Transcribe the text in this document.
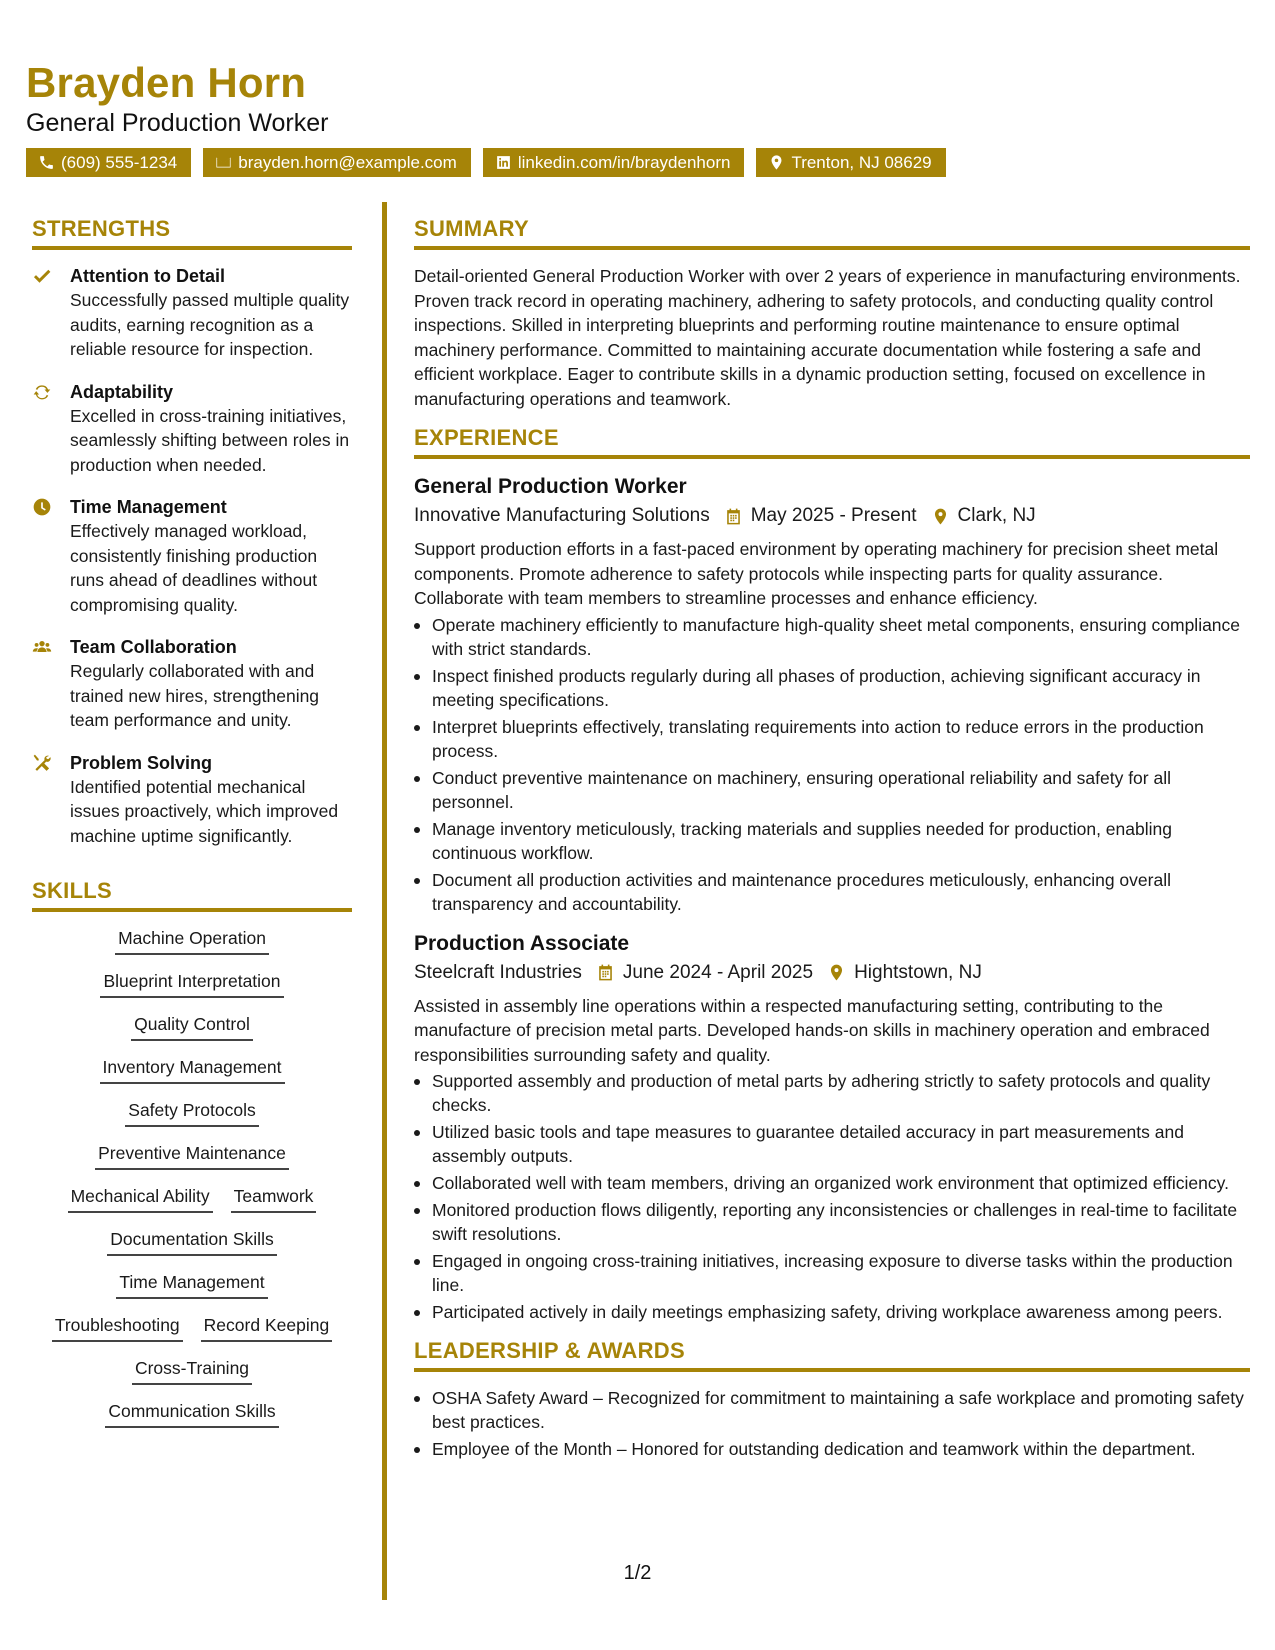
Brayden Horn
General Production Worker
(609) 555-1234	brayden.horn@example.com	linkedin.com/in/braydenhorn	Trenton, NJ 08629
STRENGTHS
Attention to Detail
Successfully passed multiple quality audits, earning recognition as a reliable resource for inspection.
Adaptability
Excelled in cross-training initiatives, seamlessly shifting between roles in production when needed.
Time Management
Effectively managed workload, consistently finishing production runs ahead of deadlines without compromising quality.
Team Collaboration
Regularly collaborated with and trained new hires, strengthening team performance and unity.
Problem Solving
Identified potential mechanical issues proactively, which improved machine uptime significantly.
SKILLS
Machine Operation
Blueprint Interpretation
Quality Control
Inventory Management
Safety Protocols
Preventive Maintenance
Mechanical Ability Teamwork
Documentation Skills
Time Management
Troubleshooting Record Keeping
Cross-Training
Communication Skills
SUMMARY
Detail-oriented General Production Worker with over 2 years of experience in manufacturing environments. Proven track record in operating machinery, adhering to safety protocols, and conducting quality control inspections. Skilled in interpreting blueprints and performing routine maintenance to ensure optimal machinery performance. Committed to maintaining accurate documentation while fostering a safe and efficient workplace. Eager to contribute skills in a dynamic production setting, focused on excellence in manufacturing operations and teamwork.
EXPERIENCE
General Production Worker
Innovative Manufacturing Solutions May 2025 - Present Clark, NJ
Support production efforts in a fast-paced environment by operating machinery for precision sheet metal components. Promote adherence to safety protocols while inspecting parts for quality assurance. Collaborate with team members to streamline processes and enhance efficiency.
Operate machinery efficiently to manufacture high-quality sheet metal components, ensuring compliance with strict standards.
Inspect finished products regularly during all phases of production, achieving significant accuracy in meeting specifications.
Interpret blueprints effectively, translating requirements into action to reduce errors in the production process.
Conduct preventive maintenance on machinery, ensuring operational reliability and safety for all personnel.
Manage inventory meticulously, tracking materials and supplies needed for production, enabling continuous workflow.
Document all production activities and maintenance procedures meticulously, enhancing overall transparency and accountability.
Production Associate
Steelcraft Industries June 2024 - April 2025 Hightstown, NJ
Assisted in assembly line operations within a respected manufacturing setting, contributing to the manufacture of precision metal parts. Developed hands-on skills in machinery operation and embraced responsibilities surrounding safety and quality.
Supported assembly and production of metal parts by adhering strictly to safety protocols and quality checks.
Utilized basic tools and tape measures to guarantee detailed accuracy in part measurements and assembly outputs.
Collaborated well with team members, driving an organized work environment that optimized efficiency.
Monitored production flows diligently, reporting any inconsistencies or challenges in real-time to facilitate swift resolutions.
Engaged in ongoing cross-training initiatives, increasing exposure to diverse tasks within the production line.
Participated actively in daily meetings emphasizing safety, driving workplace awareness among peers.
LEADERSHIP & AWARDS
OSHA Safety Award – Recognized for commitment to maintaining a safe workplace and promoting safety best practices.
Employee of the Month – Honored for outstanding dedication and teamwork within the department.
1/2
